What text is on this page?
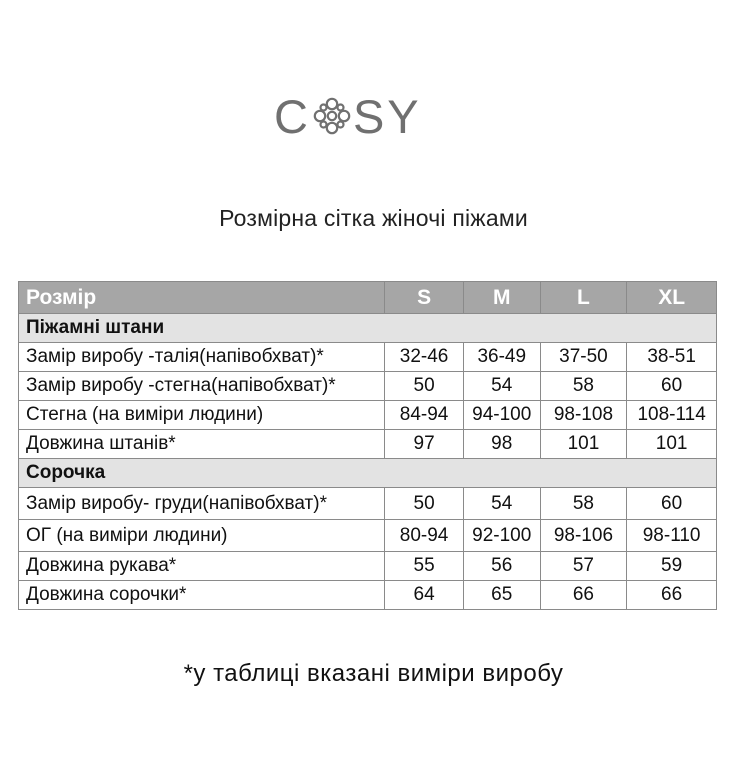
C SY
Розмірна сітка жіночі піжами
Розмір	S	M	L	XL
Піжамні штани				
Замір виробу -талія(напівобхват)*	32-46	36-49	37-50	38-51
Замір виробу -стегна(напівобхват)*	50	54	58	60
Стегна (на виміри людини)	84-94	94-100	98-108	108-114
Довжина штанів*	97	98	101	101
Сорочка				
Замір виробу- груди(напівобхват)*	50	54	58	60
ОГ (на виміри людини)	80-94	92-100	98-106	98-110
Довжина рукава*	55	56	57	59
Довжина сорочки*	64	65	66	66
*у таблиці вказані виміри виробу
